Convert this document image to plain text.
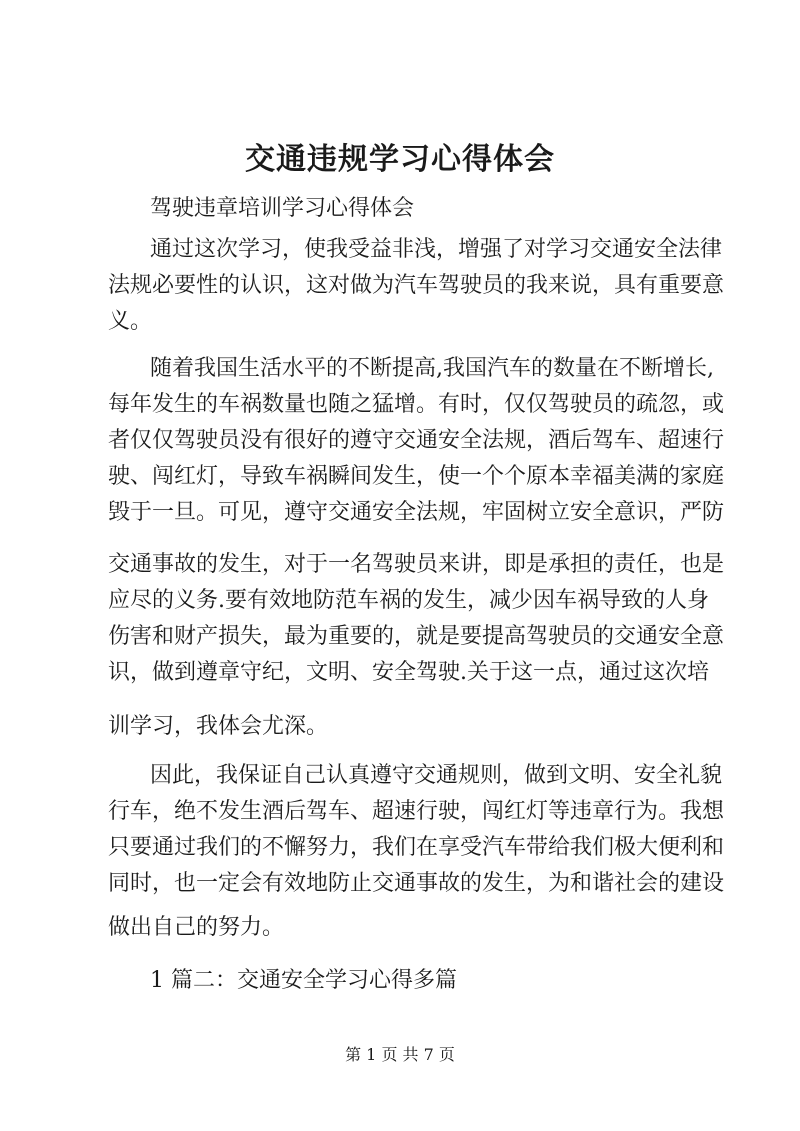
交通违规学习心得体会
驾驶违章培训学习心得体会
通过这次学习，使我受益非浅，增强了对学习交通安全法律
法规必要性的认识，这对做为汽车驾驶员的我来说，具有重要意
义。
随着我国生活水平的不断提高,我国汽车的数量在不断增长,
每年发生的车祸数量也随之猛增。有时，仅仅驾驶员的疏忽，或
者仅仅驾驶员没有很好的遵守交通安全法规，酒后驾车、超速行
驶、闯红灯，导致车祸瞬间发生，使一个个原本幸福美满的家庭
毁于一旦。可见，遵守交通安全法规，牢固树立安全意识，严防
交通事故的发生，对于一名驾驶员来讲，即是承担的责任，也是
应尽的义务.要有效地防范车祸的发生，减少因车祸导致的人身
伤害和财产损失，最为重要的，就是要提高驾驶员的交通安全意
识，做到遵章守纪，文明、安全驾驶.关于这一点，通过这次培
训学习，我体会尤深。
因此，我保证自己认真遵守交通规则，做到文明、安全礼貌
行车，绝不发生酒后驾车、超速行驶，闯红灯等违章行为。我想
只要通过我们的不懈努力，我们在享受汽车带给我们极大便利和
同时，也一定会有效地防止交通事故的发生，为和谐社会的建设
做出自己的努力。
1 篇二：交通安全学习心得多篇
第 1 页 共 7 页
